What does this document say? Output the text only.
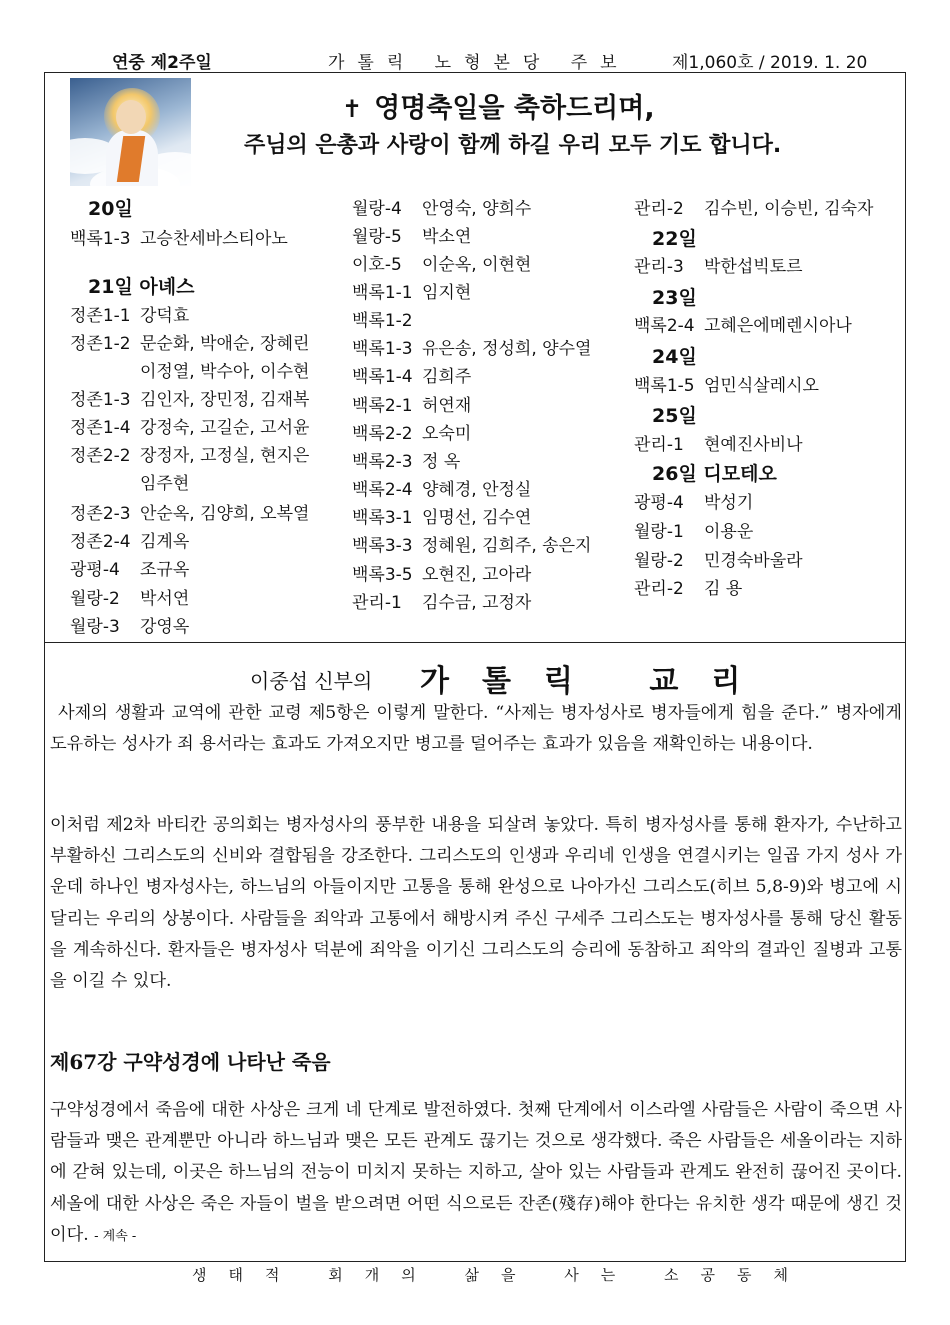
연중 제2주일	가톨릭 노형본당 주보 제1,060호 / 2019. 1. 20
✝ 영명축일을 축하드리며,
주님의 은총과 사랑이 함께 하길 우리 모두 기도 합니다.
20일
백록1-3 고승찬세바스티아노
21일 아녜스
정존1-1 강덕효
정존1-2 문순화, 박애순, 장혜린
이정열, 박수아, 이수현
정존1-3 김인자, 장민정, 김재복
정존1-4 강정숙, 고길순, 고서윤
정존2-2 장정자, 고정실, 현지은
임주현
정존2-3 안순옥, 김양희, 오복열
정존2-4 김계옥
광평-4 조규옥
월랑-2 박서연
월랑-3 강영옥
월랑-4 안영숙, 양희수
월랑-5 박소연
이호-5 이순옥, 이현현
백록1-1 임지현
백록1-2
백록1-3 유은송, 정성희, 양수열
백록1-4 김희주
백록2-1 허연재
백록2-2 오숙미
백록2-3 정 옥
백록2-4 양혜경, 안정실
백록3-1 임명선, 김수연
백록3-3 정혜원, 김희주, 송은지
백록3-5 오현진, 고아라
관리-1 김수금, 고정자
관리-2 김수빈, 이승빈, 김숙자
22일
관리-3 박한섭빅토르
23일
백록2-4 고혜은에메렌시아나
24일
백록1-5 엄민식살레시오
25일
관리-1 현예진사비나
26일 디모테오
광평-4 박성기
월랑-1 이용운
월랑-2 민경숙바울라
관리-2 김 용
이중섭 신부의 가톨릭 교리
사제의 생활과 교역에 관한 교령 제5항은 이렇게 말한다. “사제는 병자성사로 병자들에게 힘을 준다.” 병자에게 도유하는 성사가 죄 용서라는 효과도 가져오지만 병고를 덜어주는 효과가 있음을 재확인하는 내용이다.
이처럼 제2차 바티칸 공의회는 병자성사의 풍부한 내용을 되살려 놓았다. 특히 병자성사를 통해 환자가, 수난하고 부활하신 그리스도의 신비와 결합됨을 강조한다. 그리스도의 인생과 우리네 인생을 연결시키는 일곱 가지 성사 가운데 하나인 병자성사는, 하느님의 아들이지만 고통을 통해 완성으로 나아가신 그리스도(히브 5,8-9)와 병고에 시달리는 우리의 상봉이다. 사람들을 죄악과 고통에서 해방시켜 주신 구세주 그리스도는 병자성사를 통해 당신 활동을 계속하신다. 환자들은 병자성사 덕분에 죄악을 이기신 그리스도의 승리에 동참하고 죄악의 결과인 질병과 고통을 이길 수 있다.
제67강 구약성경에 나타난 죽음
구약성경에서 죽음에 대한 사상은 크게 네 단계로 발전하였다. 첫째 단계에서 이스라엘 사람들은 사람이 죽으면 사람들과 맺은 관계뿐만 아니라 하느님과 맺은 모든 관계도 끊기는 것으로 생각했다. 죽은 사람들은 세올이라는 지하에 갇혀 있는데, 이곳은 하느님의 전능이 미치지 못하는 지하고, 살아 있는 사람들과 관계도 완전히 끊어진 곳이다. 세올에 대한 사상은 죽은 자들이 벌을 받으려면 어떤 식으로든 잔존(殘存)해야 한다는 유치한 생각 때문에 생긴 것이다. - 계속 -
생태적 회개의 삶을 사는 소공동체
